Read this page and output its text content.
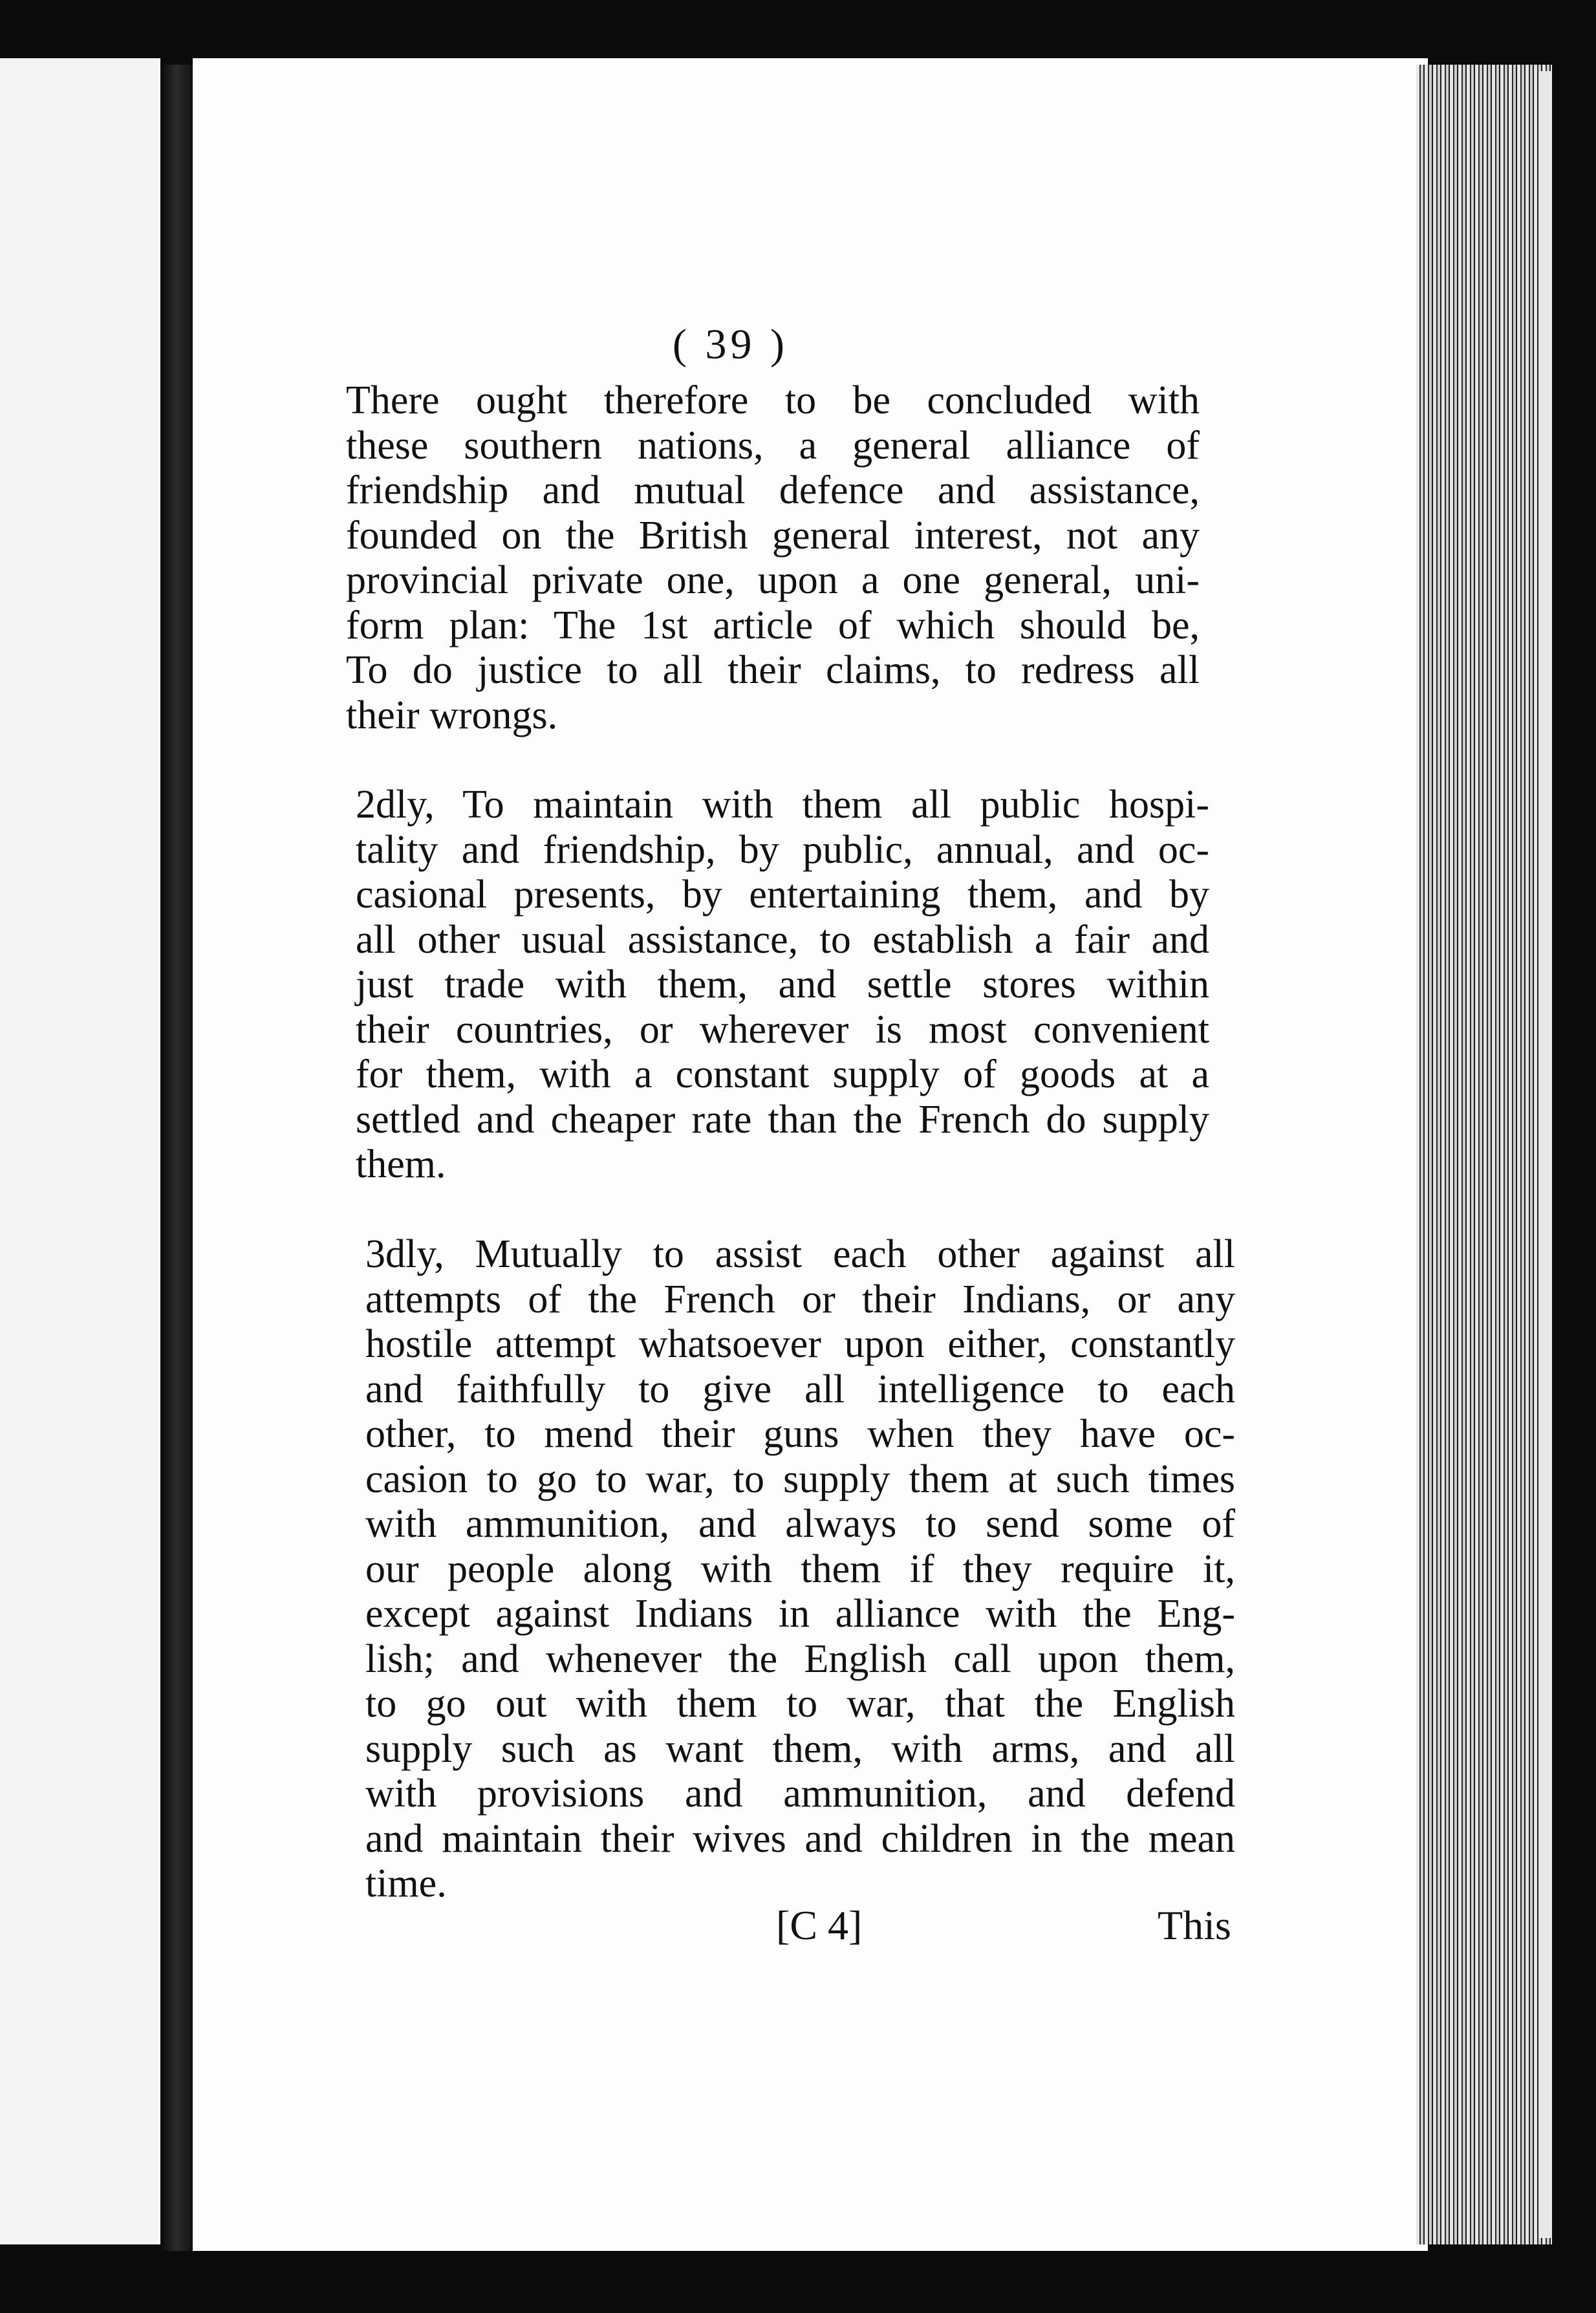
( 39 )
There ought therefore to be concluded with
these southern nations, a general alliance of
friendship and mutual defence and assistance,
founded on the British general interest, not any
provincial private one, upon a one general, uni-
form plan: The 1st article of which should be,
To do justice to all their claims, to redress all
their wrongs.
2dly, To maintain with them all public hospi-
tality and friendship, by public, annual, and oc-
casional presents, by entertaining them, and by
all other usual assistance, to establish a fair and
just trade with them, and settle stores within
their countries, or wherever is most convenient
for them, with a constant supply of goods at a
settled and cheaper rate than the French do supply
them.
3dly, Mutually to assist each other against all
attempts of the French or their Indians, or any
hostile attempt whatsoever upon either, constantly
and faithfully to give all intelligence to each
other, to mend their guns when they have oc-
casion to go to war, to supply them at such times
with ammunition, and always to send some of
our people along with them if they require it,
except against Indians in alliance with the Eng-
lish; and whenever the English call upon them,
to go out with them to war, that the English
supply such as want them, with arms, and all
with provisions and ammunition, and defend
and maintain their wives and children in the mean
time.
[C 4]	This
